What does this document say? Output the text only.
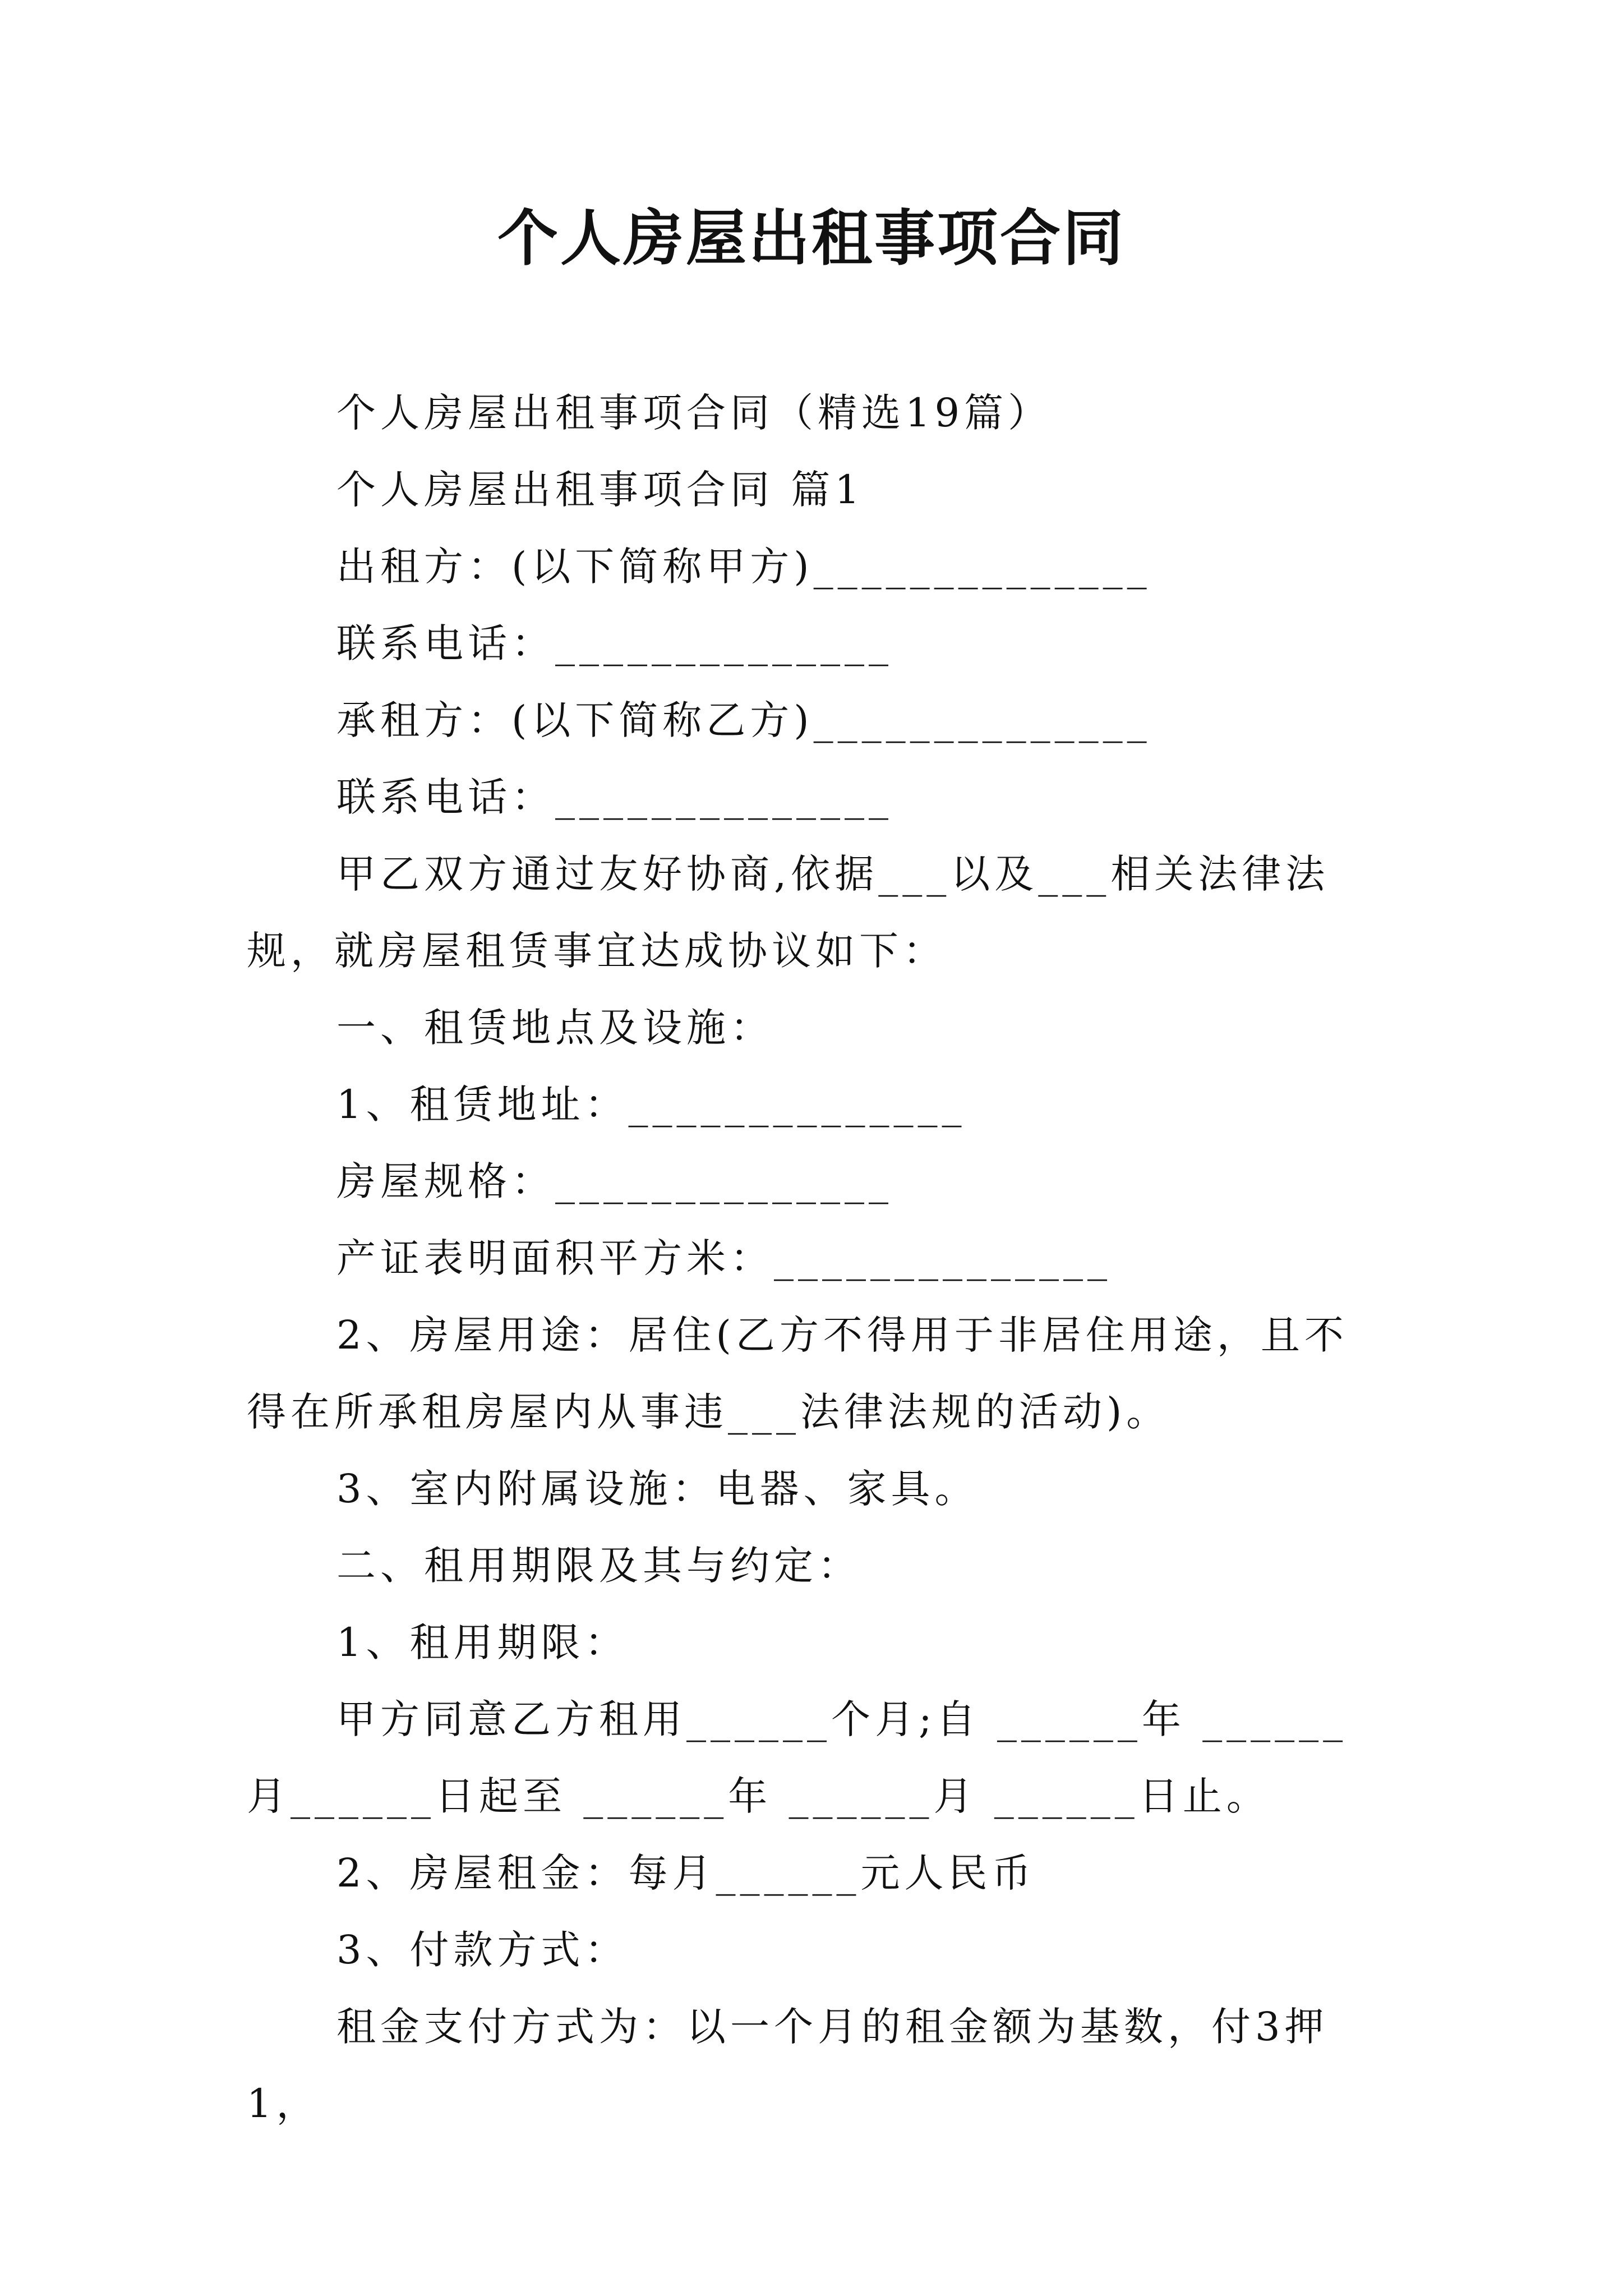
个人房屋出租事项合同

个人房屋出租事项合同（精选19篇）

个人房屋出租事项合同 篇1

出租方：(以下简称甲方)______________

联系电话：______________

承租方：(以下简称乙方)______________

联系电话：______________

甲乙双方通过友好协商,依据___以及___相关法律法规，就房屋租赁事宜达成协议如下：

一、租赁地点及设施：

1、租赁地址：______________

房屋规格：______________

产证表明面积平方米：______________

2、房屋用途：居住(乙方不得用于非居住用途，且不得在所承租房屋内从事违___法律法规的活动)。

3、室内附属设施：电器、家具。

二、租用期限及其与约定：

1、租用期限：

甲方同意乙方租用______个月;自 ______年 ______月______日起至 ______年 ______月 ______日止。

2、房屋租金：每月______元人民币

3、付款方式：

租金支付方式为：以一个月的租金额为基数，付3押1，
